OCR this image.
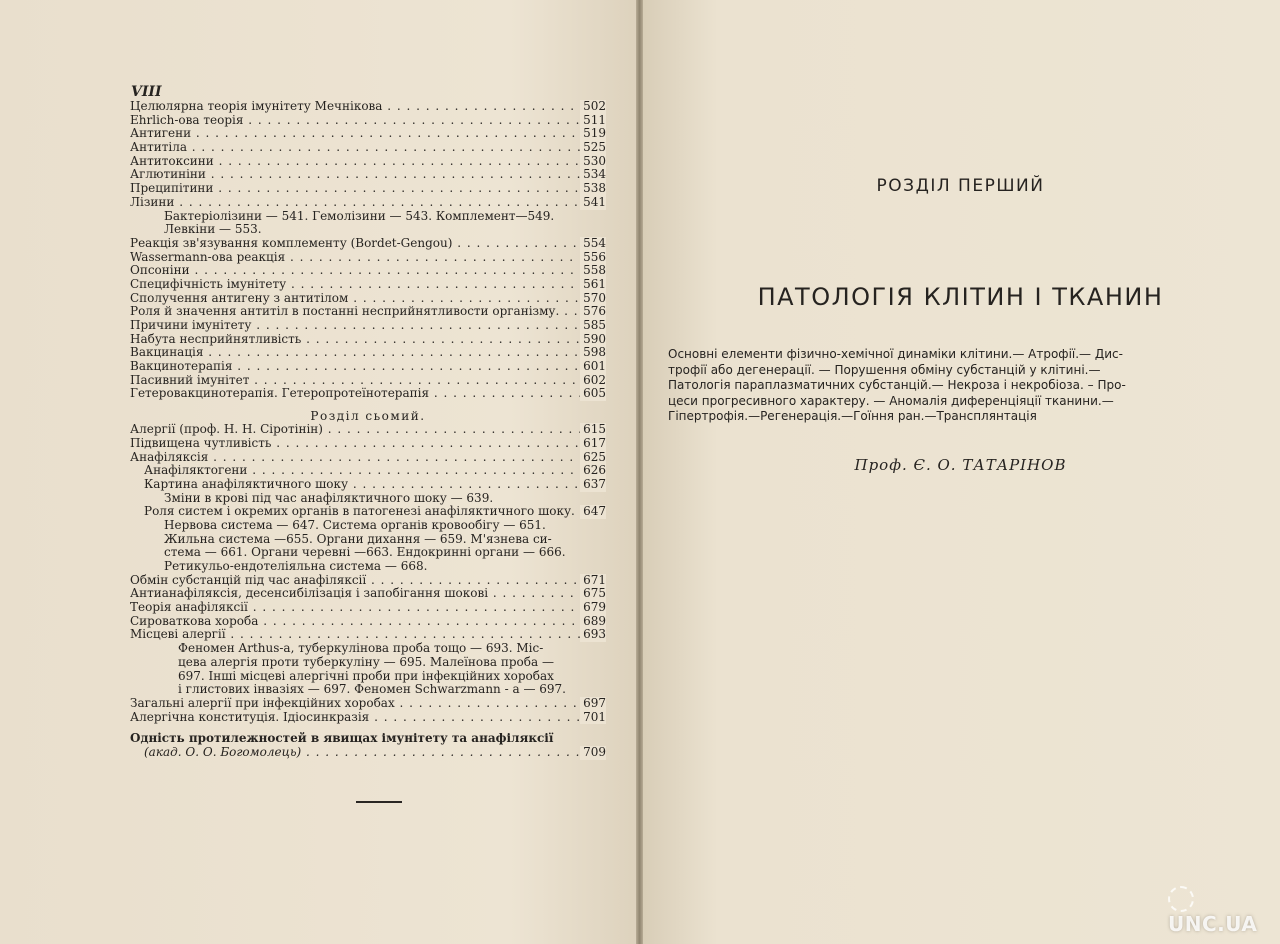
VIII
Целюлярна теорія імунітету Мечнікова . . .	502
Ehrlich-ова теорія . . .	511
Антигени . . .	519
Антитіла . . .	525
Антитоксини . . .	530
Аглютиніни . . .	534
Преципітини . . .	538
Лізини . . .	541
Бактеріолізини — 541. Гемолізини — 543. Комплемент—549.
Левкіни — 553.
Реакція зв'язування комплементу (Bordet-Gengou) . . .	554
Wassermann-ова реакція . . .	556
Опсоніни . . .	558
Специфічність імунітету . . .	561
Сполучення антигену з антитілом . . .	570
Роля й значення антитіл в постанні несприйнятливости організму. . . . 576
Причини імунітету . . .	585
Набута несприйнятливість . . .	590
Вакцинація . . .	598
Вакцинотерапія . . .	601
Пасивний імунітет . . .	602
Гетеровакцинотерапія. Гетеропротеїнотерапія . . .	605
Розділ сьомий.
Алергії (проф. Н. Н. Сіротінін) . . .	615
Підвищена чутливість . . .	617
Анафіляксія . . .	625
Анафіляктогени . . .	626
Картина анафіляктичного шоку . . .	637
Зміни в крові під час анафіляктичного шоку — 639.
Роля систем і окремих органів в патогенезі анафіляктичного шоку. . . . 647
Нервова система — 647. Система органів кровообігу — 651.
Жильна система —655. Органи дихання — 659. М'язнева си-
стема — 661. Органи черевні —663. Ендокринні органи — 666.
Ретикульо-ендотеліяльна система — 668.
Обмін субстанцій під час анафіляксії . . .	671
Антианафіляксія, десенсибілізація і запобігання шокові . . .	675
Теорія анафіляксії . . .	679
Сироваткова хороба . . .	689
Місцеві алергії . . .	693
Феномен Arthus-a, туберкулінова проба тощо — 693. Міс-
цева алергія проти туберкуліну — 695. Малеїнова проба —
697. Інші місцеві алергічні проби при інфекційних хоробах
і глистових інвазіях — 697. Феномен Schwarzmann - а — 697.
Загальні алергії при інфекційних хоробах . . .	697
Алергічна конституція. Ідіосинкразія . . .	701
Однiсть протилежностей в явищах імунітету та анафіляксії
(акад. О. О. Богомолець) . . .	709
РОЗДІЛ ПЕРШИЙ
ПАТОЛОГІЯ КЛІТИН І ТКАНИН
Основні елементи фізично-хемічної динаміки клітини.— Атрофії.— Дис-
трофії або дегенерації. — Порушення обміну субстанцій у клітині.—
Патологія параплазматичних субстанцій.— Некроза і некробіоза. – Про-
цеси прогресивного характеру. — Аномалія диференціяції тканини.—
Гіпертрофія.—Регенерація.—Гоїння ран.—Трансплянтація
Проф. Є. О. ТАТАРІНОВ
UNC.UA
